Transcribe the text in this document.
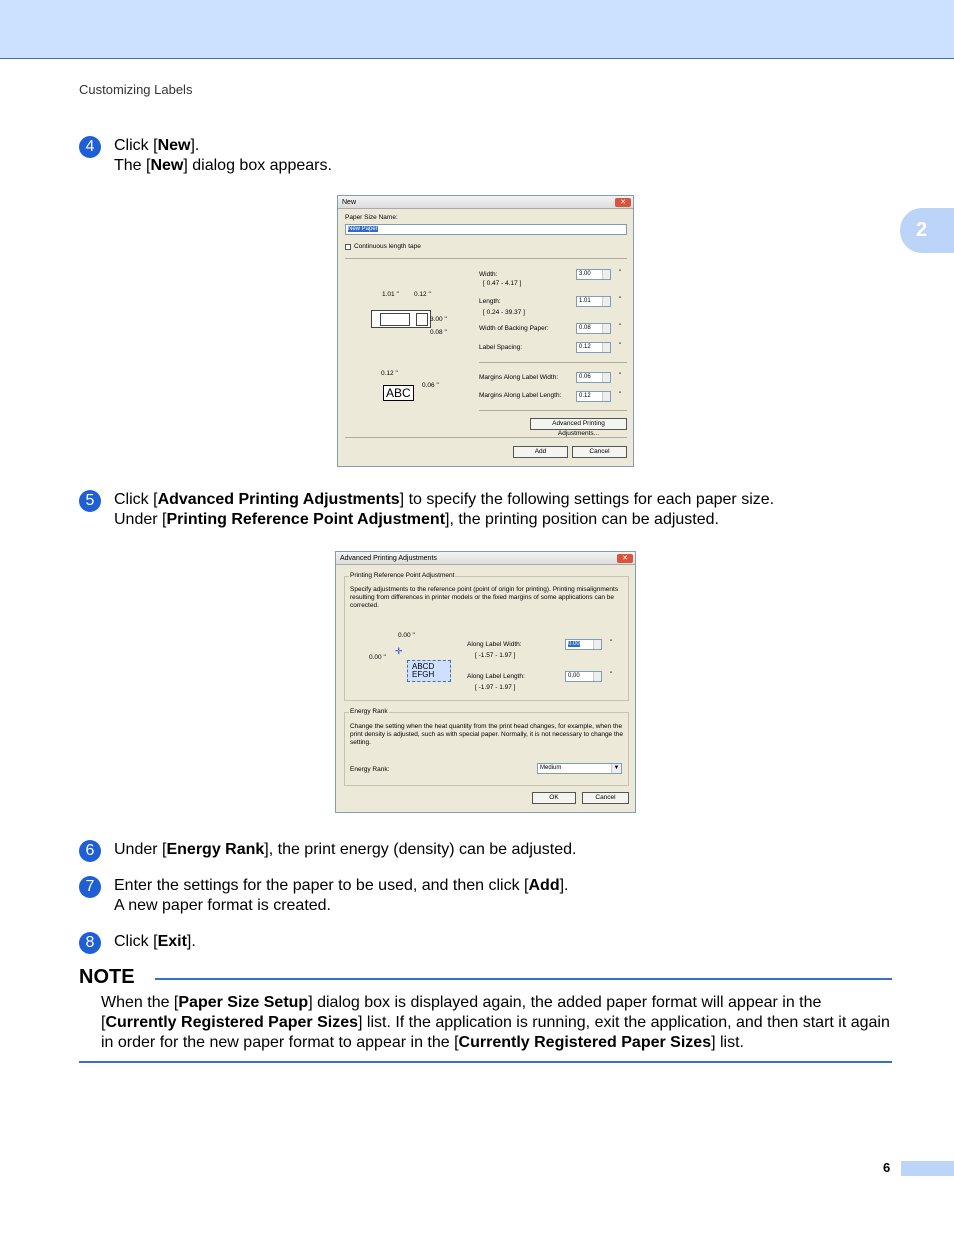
Customizing Labels
2
4	Click [New].
The [New] dialog box appears.
New	✕
Paper Size Name:
New Paper
Continuous length tape
1.01 " 0.12 "
3.00 "
0.08 "
0.12 "
ABC
0.06 "
Width:
[ 0.47 - 4.17 ]
3.00	"
Length:
[ 0.24 - 39.37 ]
1.01	"
Width of Backing Paper:	0.08	"
Label Spacing:	0.12	"
Margins Along Label Width:	0.06	"
Margins Along Label Length:	0.12	"
Advanced Printing Adjustments...
Add	Cancel
5	Click [Advanced Printing Adjustments] to specify the following settings for each paper size.
Under [Printing Reference Point Adjustment], the printing position can be adjusted.
Advanced Printing Adjustments	✕
Printing Reference Point Adjustment
Specify adjustments to the reference point (point of origin for printing). Printing misalignments resulting from differences in printer models or the fixed margins of some applications can be corrected.
0.00 "
0.00 "
✛
ABCD
EFGH
Along Label Width:
[ -1.57 - 1.97 ]
0.00	"
Along Label Length:
[ -1.97 - 1.97 ]
0.00	"
Energy Rank
Change the setting when the heat quantity from the print head changes, for example, when the print density is adjusted, such as with special paper. Normally, it is not necessary to change the setting.
Energy Rank:	Medium	▼
OK	Cancel
6	Under [Energy Rank], the print energy (density) can be adjusted.
7	Enter the settings for the paper to be used, and then click [Add].
A new paper format is created.
8	Click [Exit].
NOTE
When the [Paper Size Setup] dialog box is displayed again, the added paper format will appear in the [Currently Registered Paper Sizes] list. If the application is running, exit the application, and then start it again in order for the new paper format to appear in the [Currently Registered Paper Sizes] list.
6
